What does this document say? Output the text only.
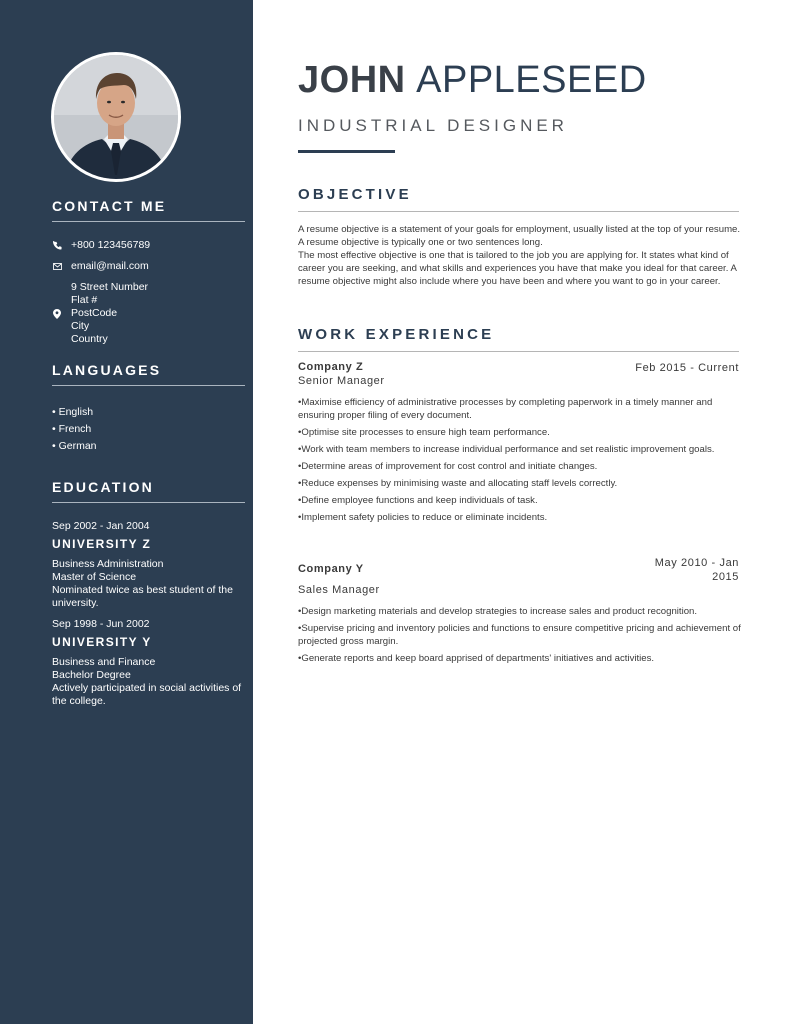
CONTACT ME
+800 123456789
email@mail.com
9 Street Number
Flat #
PostCode
City
Country
LANGUAGES
• English
• French
• German
EDUCATION
Sep 2002 - Jan 2004
UNIVERSITY Z
Business Administration
Master of Science
Nominated twice as best student of the university.
Sep 1998 - Jun 2002
UNIVERSITY Y
Business and Finance
Bachelor Degree
Actively participated in social activities of the college.
JOHN APPLESEED
INDUSTRIAL DESIGNER
OBJECTIVE

A resume objective is a statement of your goals for employment, usually listed at the top of your resume. A resume objective is typically one or two sentences long.

The most effective objective is one that is tailored to the job you are applying for. It states what kind of career you are seeking, and what skills and experiences you have that make you ideal for that career. A resume objective might also include where you have been and where you want to go in your career.

WORK EXPERIENCE
Company Z	Feb 2015 - Current
Senior Manager
• Maximise efficiency of administrative processes by completing paperwork in a timely manner and ensuring proper filing of every document.
• Optimise site processes to ensure high team performance.
• Work with team members to increase individual performance and set realistic improvement goals.
• Determine areas of improvement for cost control and initiate changes.
• Reduce expenses by minimising waste and allocating staff levels correctly.
• Define employee functions and keep individuals of task.
• Implement safety policies to reduce or eliminate incidents.
Company Y	May 2010 - Jan 2015
Sales Manager
• Design marketing materials and develop strategies to increase sales and product recognition.
• Supervise pricing and inventory policies and functions to ensure competitive pricing and achievement of projected gross margin.
• Generate reports and keep board apprised of departments' initiatives and activities.
